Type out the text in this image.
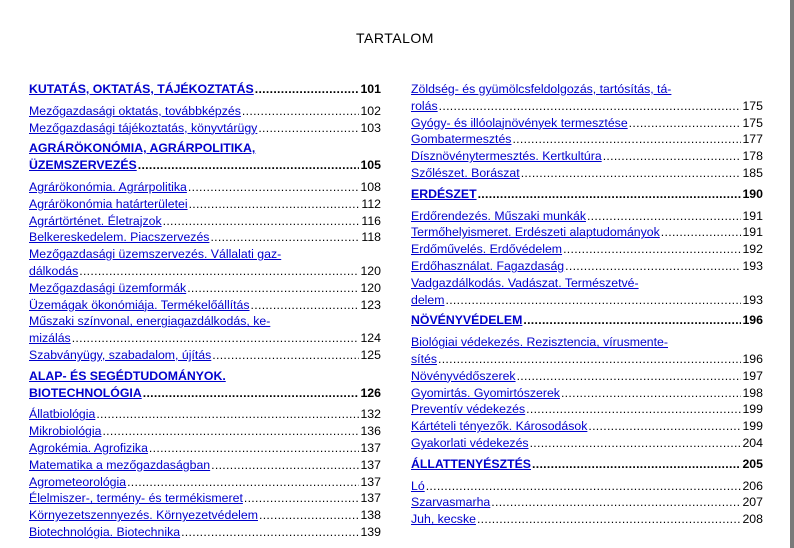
TARTALOM
KUTATÁS, OKTATÁS, TÁJÉKOZTATÁS .....	101
Mezőgazdasági oktatás, továbbképzés .....	102
Mezőgazdasági tájékoztatás, könyvtárügy .....	103
AGRÁRÖKONÓMIA, AGRÁRPOLITIKA,
ÜZEMSZERVEZÉS .....	105
Agrárökonómia. Agrárpolitika .....	108
Agrárökonómia határterületei .....	112
Agrártörténet. Életrajzok .....	116
Belkereskedelem. Piacszervezés .....	118
Mezőgazdasági üzemszervezés. Vállalati gaz-
dálkodás .....	120
Mezőgazdasági üzemformák .....	120
Üzemágak ökonómiája. Termékelőállítás .....	123
Műszaki színvonal, energiagazdálkodás, ke-
mizálás .....	124
Szabványügy, szabadalom, újítás .....	125
ALAP- ÉS SEGÉDTUDOMÁNYOK.
BIOTECHNOLÓGIA .....	126
Állatbiológia .....	132
Mikrobiológia .....	136
Agrokémia. Agrofizika .....	137
Matematika a mezőgazdaságban .....	137
Agrometeorológia .....	137
Élelmiszer-, termény- és termékismeret .....	137
Környezetszennyezés. Környezetvédelem .....	138
Biotechnológia. Biotechnika .....	139
Zöldség- és gyümölcsfeldolgozás, tartósítás, tá-
rolás .....	175
Gyógy- és illóolajnövények termesztése .....	175
Gombatermesztés .....	177
Dísznövénytermesztés. Kertkultúra .....	178
Szőlészet. Borászat .....	185
ERDÉSZET .....	190
Erdőrendezés. Műszaki munkák .....	191
Termőhelyismeret. Erdészeti alaptudományok .....	191
Erdőművelés. Erdővédelem .....	192
Erdőhasználat. Fagazdaság .....	193
Vadgazdálkodás. Vadászat. Természetvé-
delem .....	193
NÖVÉNYVÉDELEM .....	196
Biológiai védekezés. Rezisztencia, vírusmente-
sítés .....	196
Növényvédőszerek .....	197
Gyomirtás. Gyomirtószerek .....	198
Preventív védekezés .....	199
Kártételi tényezők. Károsodások .....	199
Gyakorlati védekezés .....	204
ÁLLATTENYÉSZTÉS .....	205
Ló .....	206
Szarvasmarha .....	207
Juh, kecske .....	208
